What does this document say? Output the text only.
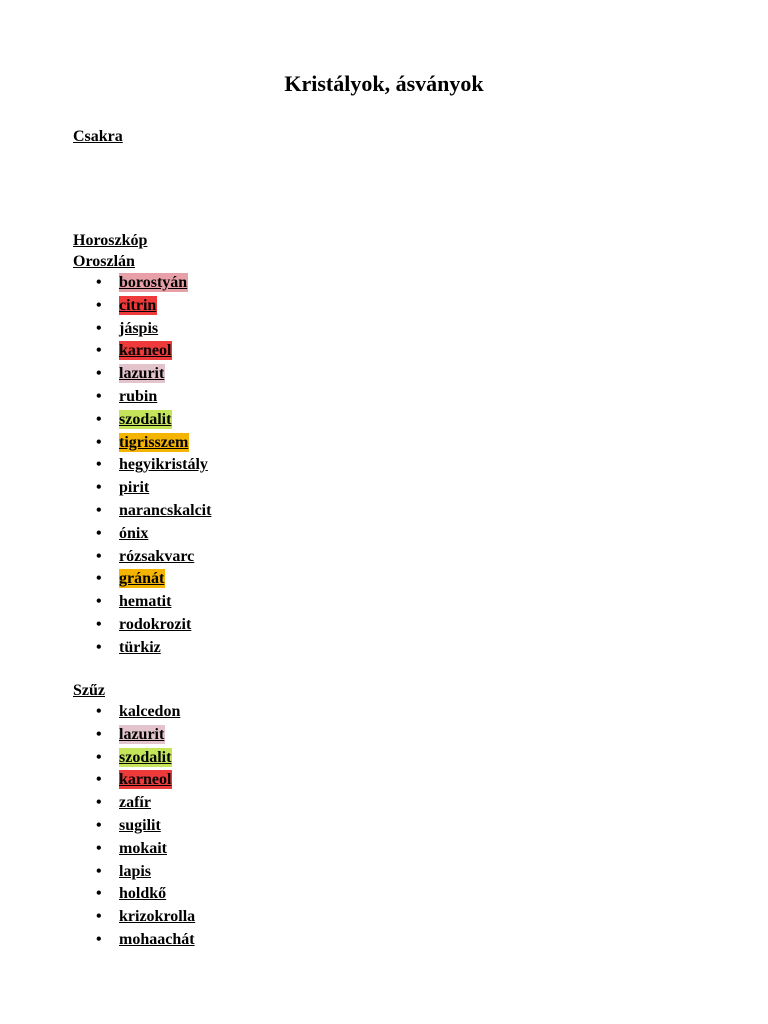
Kristályok, ásványok
Csakra
Horoszkóp
Oroszlán
• borostyán
• citrin
• jáspis
• karneol
• lazurit
• rubin
• szodalit
• tigrisszem
• hegyikristály
• pirit
• narancskalcit
• ónix
• rózsakvarc
• gránát
• hematit
• rodokrozit
• türkiz
Szűz
• kalcedon
• lazurit
• szodalit
• karneol
• zafír
• sugilit
• mokait
• lapis
• holdkő
• krizokrolla
• mohaachát
